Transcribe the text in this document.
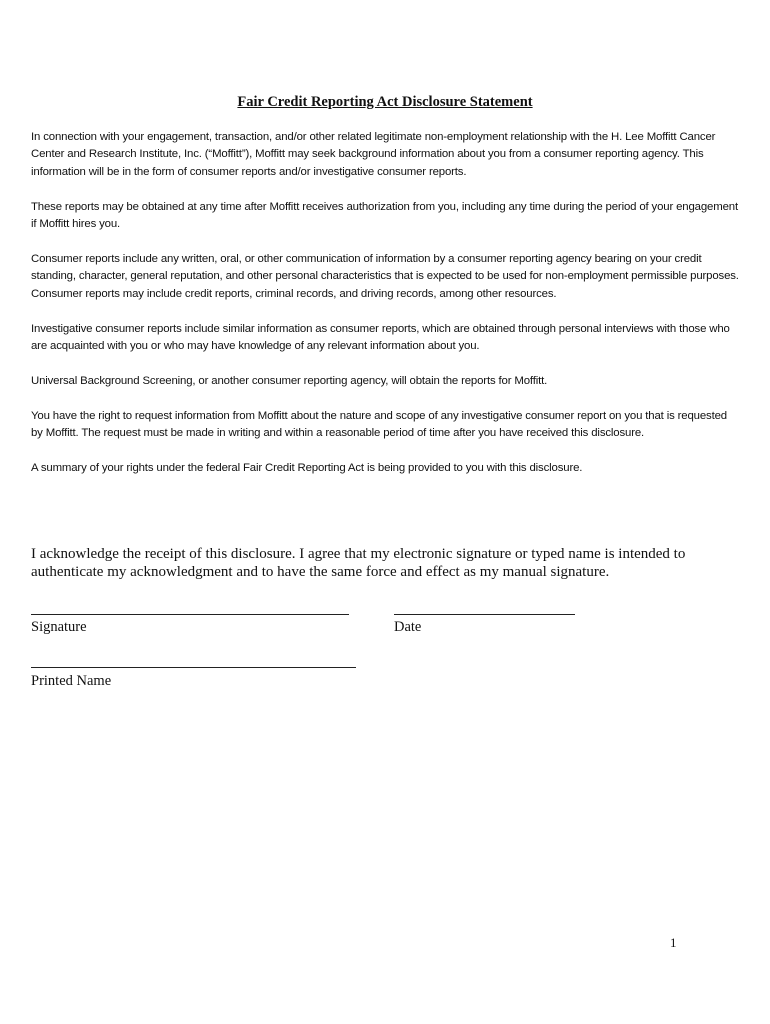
Fair Credit Reporting Act Disclosure Statement

In connection with your engagement, transaction, and/or other related legitimate non-employment relationship with the H. Lee Moffitt Cancer Center and Research Institute, Inc. (“Moffitt”), Moffitt may seek background information about you from a consumer reporting agency. This information will be in the form of consumer reports and/or investigative consumer reports.

These reports may be obtained at any time after Moffitt receives authorization from you, including any time during the period of your engagement if Moffitt hires you.

Consumer reports include any written, oral, or other communication of information by a consumer reporting agency bearing on your credit standing, character, general reputation, and other personal characteristics that is expected to be used for non-employment permissible purposes. Consumer reports may include credit reports, criminal records, and driving records, among other resources.

Investigative consumer reports include similar information as consumer reports, which are obtained through personal interviews with those who are acquainted with you or who may have knowledge of any relevant information about you.

Universal Background Screening, or another consumer reporting agency, will obtain the reports for Moffitt.

You have the right to request information from Moffitt about the nature and scope of any investigative consumer report on you that is requested by Moffitt. The request must be made in writing and within a reasonable period of time after you have received this disclosure.

A summary of your rights under the federal Fair Credit Reporting Act is being provided to you with this disclosure.

I acknowledge the receipt of this disclosure. I agree that my electronic signature or typed name is intended to authenticate my acknowledgment and to have the same force and effect as my manual signature.
Signature	Date
Printed Name
1
